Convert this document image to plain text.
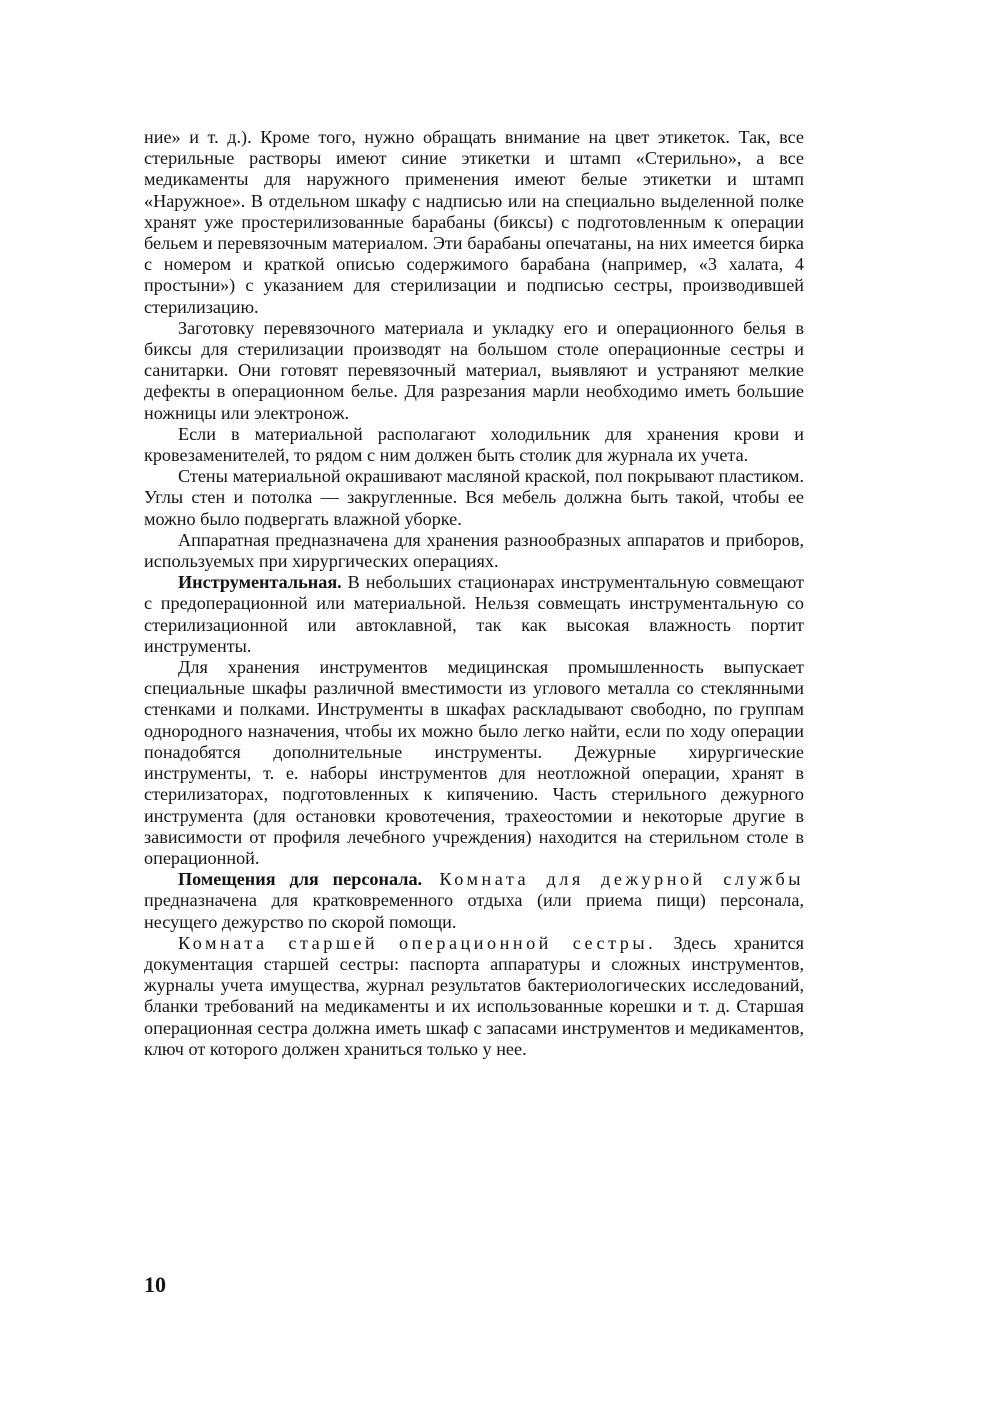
ние» и т. д.). Кроме того, нужно обращать внимание на цвет этикеток. Так, все стерильные растворы имеют синие этикетки и штамп «Стерильно», а все медикаменты для наружного применения имеют белые этикетки и штамп «Наружное». В отдельном шкафу с надписью или на специально выделенной полке хранят уже простерилизованные барабаны (биксы) с подготовленным к операции бельем и перевязочным материалом. Эти барабаны опечатаны, на них имеется бирка с номером и краткой описью содержимого барабана (например, «3 халата, 4 простыни») с указанием для стерилизации и подписью сестры, производившей стерилизацию.

Заготовку перевязочного материала и укладку его и операционного белья в биксы для стерилизации производят на большом столе операционные сестры и санитарки. Они готовят перевязочный материал, выявляют и устраняют мелкие дефекты в операционном белье. Для разрезания марли необходимо иметь большие ножницы или электронож.

Если в материальной располагают холодильник для хранения крови и кровезаменителей, то рядом с ним должен быть столик для журнала их учета.

Стены материальной окрашивают масляной краской, пол покрывают пластиком. Углы стен и потолка — закругленные. Вся мебель должна быть такой, чтобы ее можно было подвергать влажной уборке.

Аппаратная предназначена для хранения разнообразных аппаратов и приборов, используемых при хирургических операциях.

Инструментальная. В небольших стационарах инструментальную совмещают с предоперационной или материальной. Нельзя совмещать инструментальную со стерилизационной или автоклавной, так как высокая влажность портит инструменты.

Для хранения инструментов медицинская промышленность выпускает специальные шкафы различной вместимости из углового металла со стеклянными стенками и полками. Инструменты в шкафах раскладывают свободно, по группам однородного назначения, чтобы их можно было легко найти, если по ходу операции понадобятся дополнительные инструменты. Дежурные хирургические инструменты, т. е. наборы инструментов для неотложной операции, хранят в стерилизаторах, подготовленных к кипячению. Часть стерильного дежурного инструмента (для остановки кровотечения, трахеостомии и некоторые другие в зависимости от профиля лечебного учреждения) находится на стерильном столе в операционной.

Помещения для персонала. Комната для дежурной службы предназначена для кратковременного отдыха (или приема пищи) персонала, несущего дежурство по скорой помощи.

Комната старшей операционной сестры. Здесь хранится документация старшей сестры: паспорта аппаратуры и сложных инструментов, журналы учета имущества, журнал результатов бактериологических исследований, бланки требований на медикаменты и их использованные корешки и т. д. Старшая операционная сестра должна иметь шкаф с запасами инструментов и медикаментов, ключ от которого должен храниться только у нее.

10
